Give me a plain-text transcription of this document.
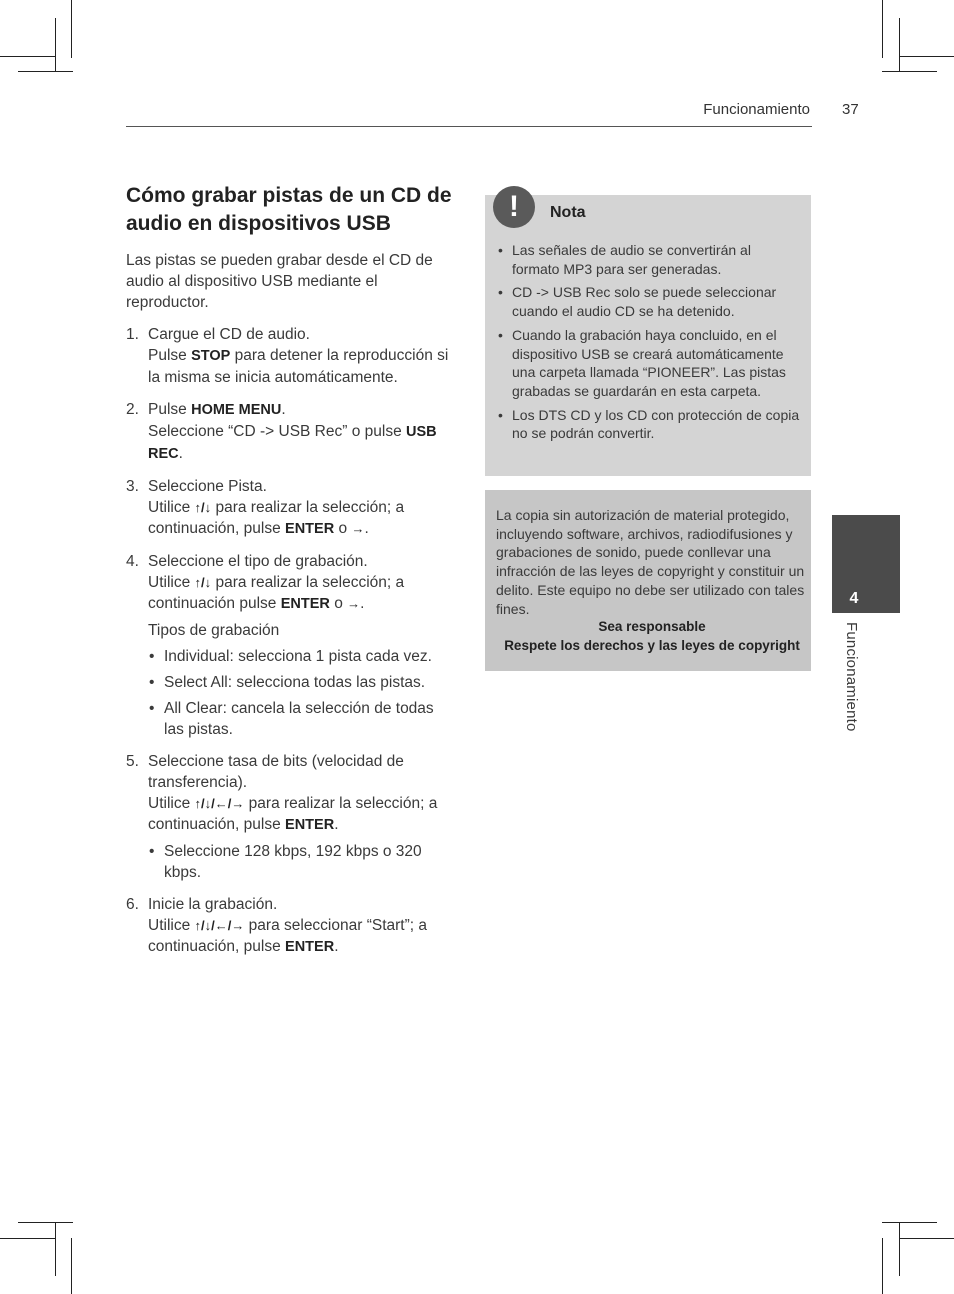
Funcionamiento 37
Cómo grabar pistas de un CD de audio en dispositivos USB

Las pistas se pueden grabar desde el CD de audio al dispositivo USB mediante el reproductor.

1. Cargue el CD de audio.
Pulse STOP para detener la reproducción si la misma se inicia automáticamente.
2. Pulse HOME MENU.
Seleccione “CD -> USB Rec” o pulse USB REC.
3. Seleccione Pista.
Utilice ↑/↓ para realizar la selección; a continuación, pulse ENTER o →.
4. Seleccione el tipo de grabación.
Utilice ↑/↓ para realizar la selección; a continuación pulse ENTER o →.
Tipos de grabación
• Individual: selecciona 1 pista cada vez.
• Select All: selecciona todas las pistas.
• All Clear: cancela la selección de todas las pistas.
5. Seleccione tasa de bits (velocidad de transferencia).
Utilice ↑/↓/←/→ para realizar la selección; a continuación, pulse ENTER.
• Seleccione 128 kbps, 192 kbps o 320 kbps.
6. Inicie la grabación.
Utilice ↑/↓/←/→ para seleccionar “Start”; a continuación, pulse ENTER.
!	Nota
• Las señales de audio se convertirán al formato MP3 para ser generadas.
• CD -> USB Rec solo se puede seleccionar cuando el audio CD se ha detenido.
• Cuando la grabación haya concluido, en el dispositivo USB se creará automáticamente una carpeta llamada “PIONEER”. Las pistas grabadas se guardarán en esta carpeta.
• Los DTS CD y los CD con protección de copia no se podrán convertir.
La copia sin autorización de material protegido, incluyendo software, archivos, radiodifusiones y grabaciones de sonido, puede conllevar una infracción de las leyes de copyright y constituir un delito. Este equipo no debe ser utilizado con tales fines.
Sea responsable
Respete los derechos y las leyes de copyright
4
Funcionamiento
